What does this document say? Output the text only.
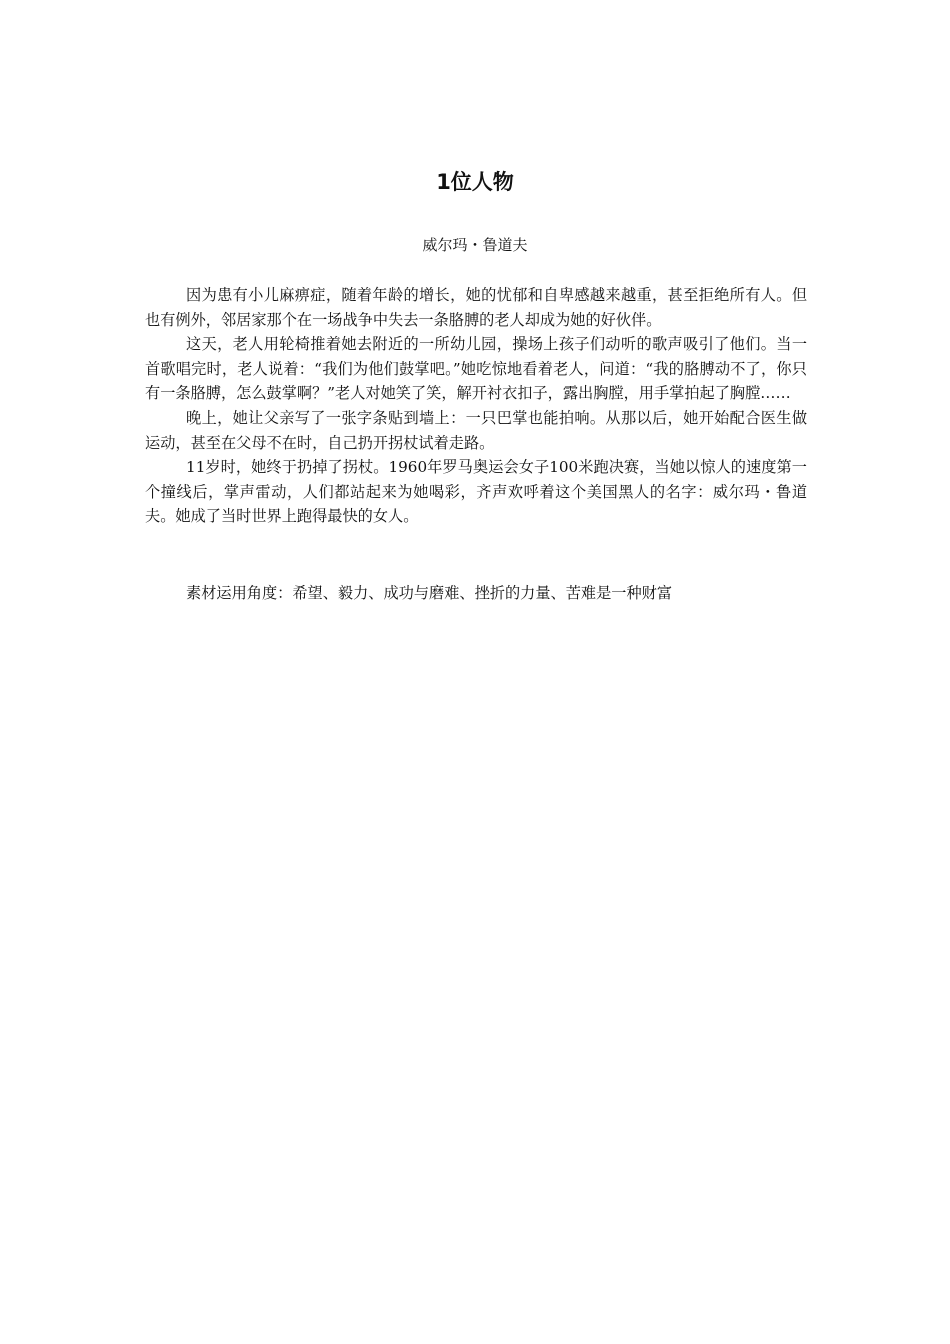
1位人物
威尔玛・鲁道夫

因为患有小儿麻痹症，随着年龄的增长，她的忧郁和自卑感越来越重，甚至拒绝所有人。但也有例外，邻居家那个在一场战争中失去一条胳膊的老人却成为她的好伙伴。

这天，老人用轮椅推着她去附近的一所幼儿园，操场上孩子们动听的歌声吸引了他们。当一首歌唱完时，老人说着：“我们为他们鼓掌吧。”她吃惊地看着老人，问道：“我的胳膊动不了，你只有一条胳膊，怎么鼓掌啊？”老人对她笑了笑，解开衬衣扣子，露出胸膛，用手掌拍起了胸膛……

晚上，她让父亲写了一张字条贴到墙上：一只巴掌也能拍响。从那以后，她开始配合医生做运动，甚至在父母不在时，自己扔开拐杖试着走路。

11岁时，她终于扔掉了拐杖。1960年罗马奥运会女子100米跑决赛，当她以惊人的速度第一个撞线后，掌声雷动，人们都站起来为她喝彩，齐声欢呼着这个美国黑人的名字：威尔玛・鲁道夫。她成了当时世界上跑得最快的女人。

素材运用角度：希望、毅力、成功与磨难、挫折的力量、苦难是一种财富
